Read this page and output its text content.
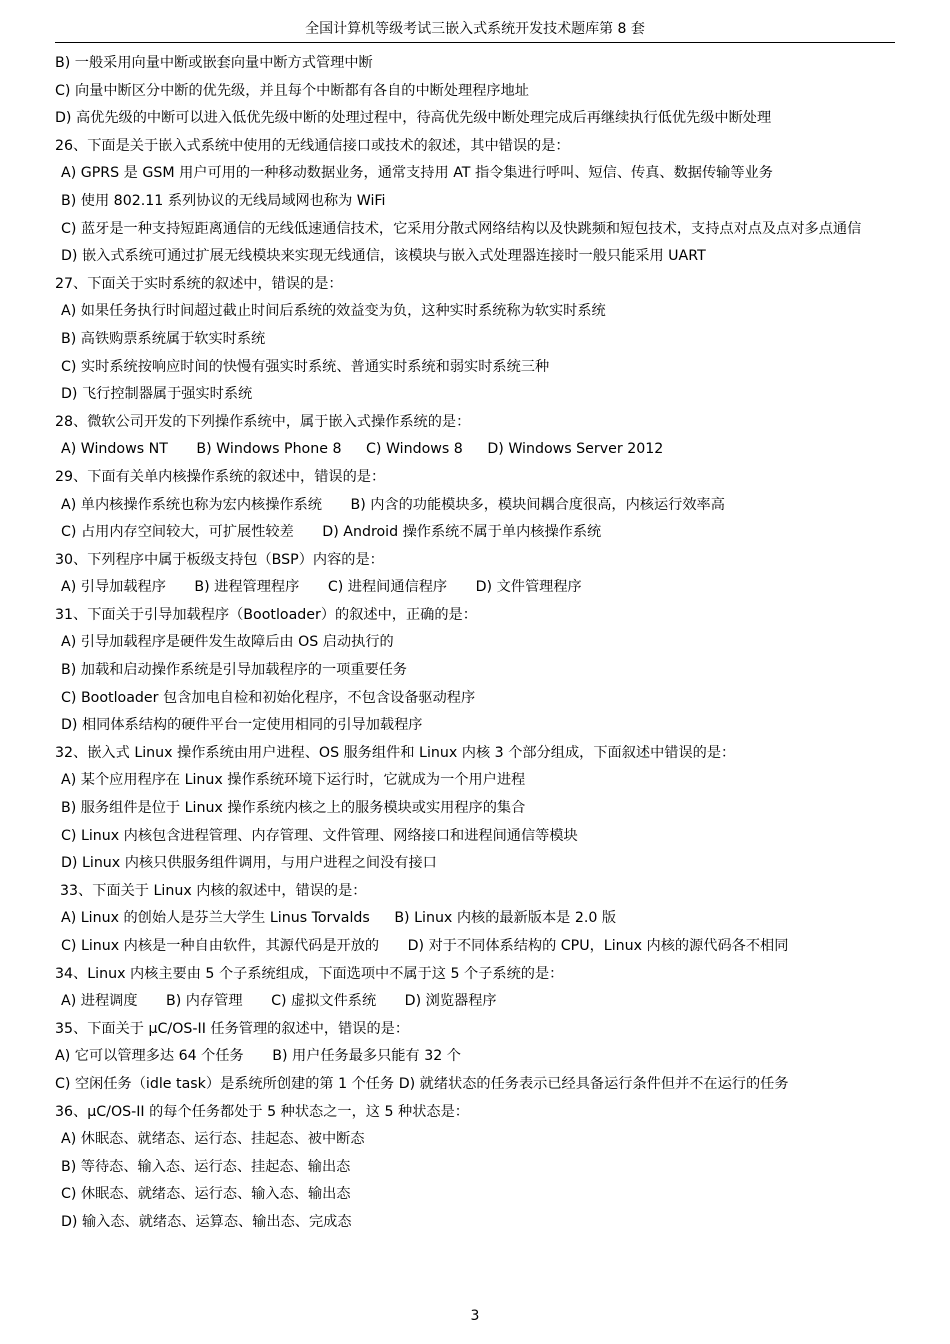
全国计算机等级考试三嵌入式系统开发技术题库第 8 套
B) 一般采用向量中断或嵌套向量中断方式管理中断
C) 向量中断区分中断的优先级，并且每个中断都有各自的中断处理程序地址
D) 高优先级的中断可以进入低优先级中断的处理过程中，待高优先级中断处理完成后再继续执行低优先级中断处理
26、下面是关于嵌入式系统中使用的无线通信接口或技术的叙述，其中错误的是：
A) GPRS 是 GSM 用户可用的一种移动数据业务，通常支持用 AT 指令集进行呼叫、短信、传真、数据传输等业务
B) 使用 802.11 系列协议的无线局域网也称为 WiFi
C) 蓝牙是一种支持短距离通信的无线低速通信技术，它采用分散式网络结构以及快跳频和短包技术，支持点对点及点对多点通信
D) 嵌入式系统可通过扩展无线模块来实现无线通信，该模块与嵌入式处理器连接时一般只能采用 UART
27、下面关于实时系统的叙述中，错误的是：
A) 如果任务执行时间超过截止时间后系统的效益变为负，这种实时系统称为软实时系统
B) 高铁购票系统属于软实时系统
C) 实时系统按响应时间的快慢有强实时系统、普通实时系统和弱实时系统三种
D) 飞行控制器属于强实时系统
28、微软公司开发的下列操作系统中，属于嵌入式操作系统的是：
A) Windows NT B) Windows Phone 8 C) Windows 8 D) Windows Server 2012
29、下面有关单内核操作系统的叙述中，错误的是：
A) 单内核操作系统也称为宏内核操作系统 B) 内含的功能模块多，模块间耦合度很高，内核运行效率高
C) 占用内存空间较大，可扩展性较差 D) Android 操作系统不属于单内核操作系统
30、下列程序中属于板级支持包（BSP）内容的是：
A) 引导加载程序 B) 进程管理程序 C) 进程间通信程序 D) 文件管理程序
31、下面关于引导加载程序（Bootloader）的叙述中，正确的是：
A) 引导加载程序是硬件发生故障后由 OS 启动执行的
B) 加载和启动操作系统是引导加载程序的一项重要任务
C) Bootloader 包含加电自检和初始化程序，不包含设备驱动程序
D) 相同体系结构的硬件平台一定使用相同的引导加载程序
32、嵌入式 Linux 操作系统由用户进程、OS 服务组件和 Linux 内核 3 个部分组成，下面叙述中错误的是：
A) 某个应用程序在 Linux 操作系统环境下运行时，它就成为一个用户进程
B) 服务组件是位于 Linux 操作系统内核之上的服务模块或实用程序的集合
C) Linux 内核包含进程管理、内存管理、文件管理、网络接口和进程间通信等模块
D) Linux 内核只供服务组件调用，与用户进程之间没有接口
33、下面关于 Linux 内核的叙述中，错误的是：
A) Linux 的创始人是芬兰大学生 Linus Torvalds B) Linux 内核的最新版本是 2.0 版
C) Linux 内核是一种自由软件，其源代码是开放的 D) 对于不同体系结构的 CPU，Linux 内核的源代码各不相同
34、Linux 内核主要由 5 个子系统组成，下面选项中不属于这 5 个子系统的是：
A) 进程调度 B) 内存管理 C) 虚拟文件系统 D) 浏览器程序
35、下面关于 μC/OS-II 任务管理的叙述中，错误的是：
A) 它可以管理多达 64 个任务 B) 用户任务最多只能有 32 个
C) 空闲任务（idle task）是系统所创建的第 1 个任务 D) 就绪状态的任务表示已经具备运行条件但并不在运行的任务
36、μC/OS-II 的每个任务都处于 5 种状态之一，这 5 种状态是：
A) 休眠态、就绪态、运行态、挂起态、被中断态
B) 等待态、输入态、运行态、挂起态、输出态
C) 休眠态、就绪态、运行态、输入态、输出态
D) 输入态、就绪态、运算态、输出态、完成态
3
